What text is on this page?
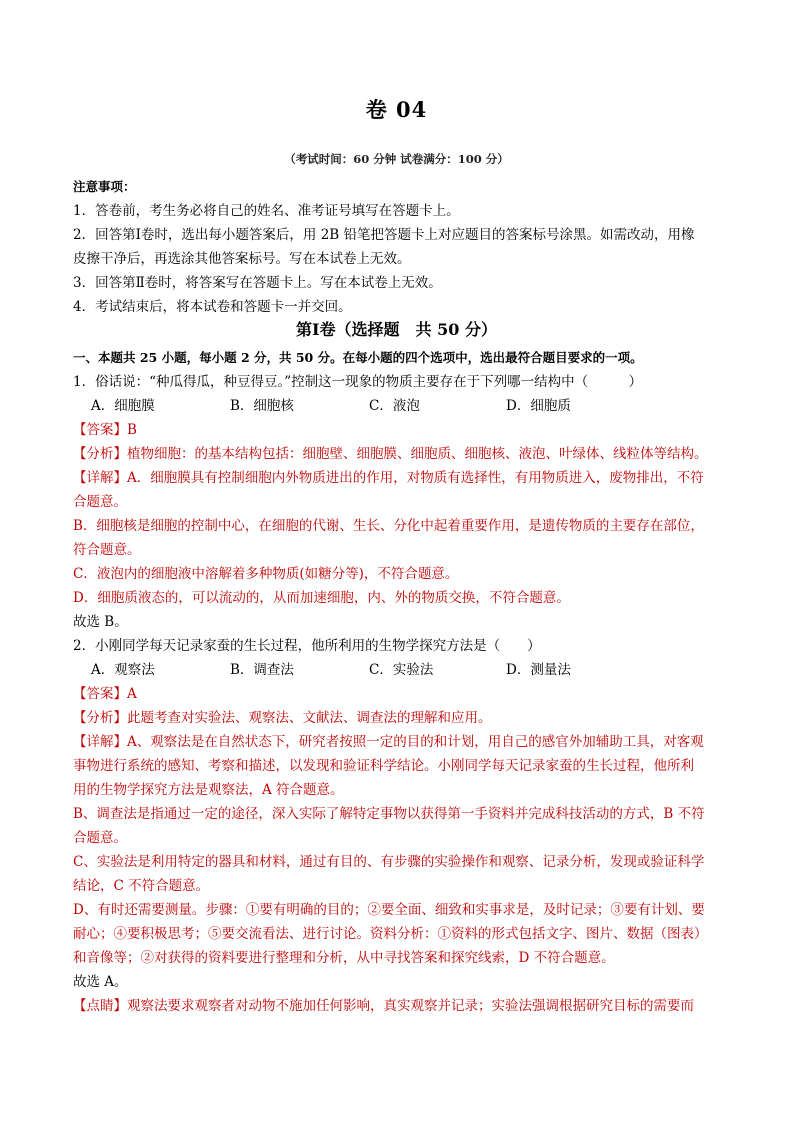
卷 04
（考试时间：60 分钟 试卷满分：100 分）

注意事项：

1．答卷前，考生务必将自己的姓名、准考证号填写在答题卡上。

2．回答第Ⅰ卷时，选出每小题答案后，用 2B 铅笔把答题卡上对应题目的答案标号涂黑。如需改动，用橡

皮擦干净后，再选涂其他答案标号。写在本试卷上无效。

3．回答第Ⅱ卷时，将答案写在答题卡上。写在本试卷上无效。

4．考试结束后，将本试卷和答题卡一并交回。

第Ⅰ卷（选择题　共 50 分）

一、本题共 25 小题，每小题 2 分，共 50 分。在每小题的四个选项中，选出最符合题目要求的一项。

1．俗话说：“种瓜得瓜，种豆得豆。”控制这一现象的物质主要存在于下列哪一结构中（　　　）

A．细胞膜	B．细胞核	C．液泡	D．细胞质

【答案】B

【分析】植物细胞：的基本结构包括：细胞壁、细胞膜、细胞质、细胞核、液泡、叶绿体、线粒体等结构。

【详解】A．细胞膜具有控制细胞内外物质进出的作用，对物质有选择性，有用物质进入，废物排出，不符

合题意。

B．细胞核是细胞的控制中心，在细胞的代谢、生长、分化中起着重要作用，是遗传物质的主要存在部位，

符合题意。

C．液泡内的细胞液中溶解着多种物质(如糖分等)，不符合题意。

D．细胞质液态的，可以流动的，从而加速细胞，内、外的物质交换，不符合题意。

故选 B。

2．小刚同学每天记录家蚕的生长过程，他所利用的生物学探究方法是（　　）

A．观察法	B．调查法	C．实验法	D．测量法

【答案】A

【分析】此题考查对实验法、观察法、文献法、调查法的理解和应用。

【详解】A、观察法是在自然状态下，研究者按照一定的目的和计划，用自己的感官外加辅助工具，对客观

事物进行系统的感知、考察和描述，以发现和验证科学结论。小刚同学每天记录家蚕的生长过程，他所利

用的生物学探究方法是观察法，A 符合题意。

B、调查法是指通过一定的途径，深入实际了解特定事物以获得第一手资料并完成科技活动的方式，B 不符

合题意。

C、实验法是利用特定的器具和材料，通过有目的、有步骤的实验操作和观察、记录分析，发现或验证科学

结论，C 不符合题意。

D、有时还需要测量。步骤：①要有明确的目的；②要全面、细致和实事求是，及时记录；③要有计划、要

耐心；④要积极思考；⑤要交流看法、进行讨论。资料分析：①资料的形式包括文字、图片、数据（图表）

和音像等；②对获得的资料要进行整理和分析，从中寻找答案和探究线索，D 不符合题意。

故选 A。

【点睛】观察法要求观察者对动物不施加任何影响，真实观察并记录；实验法强调根据研究目标的需要而
